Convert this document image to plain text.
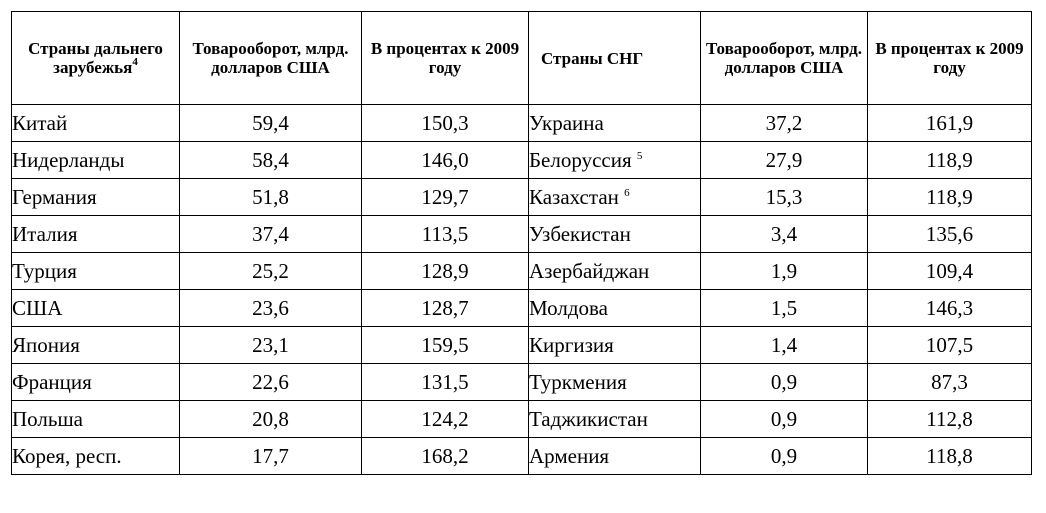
Страны дальнего зарубежья$^4$	Товарооборот, млрд. долларов США	В процентах к 2009 году	Страны СНГ	Товарооборот, млрд. долларов США	В процентах к 2009 году
Китай	59,4	150,3	Украина	37,2	161,9
Нидерланды	58,4	146,0	Белоруссия $^5$	27,9	118,9
Германия	51,8	129,7	Казахстан $^6$	15,3	118,9
Италия	37,4	113,5	Узбекистан	3,4	135,6
Турция	25,2	128,9	Азербайджан	1,9	109,4
США	23,6	128,7	Молдова	1,5	146,3
Япония	23,1	159,5	Киргизия	1,4	107,5
Франция	22,6	131,5	Туркмения	0,9	87,3
Польша	20,8	124,2	Таджикистан	0,9	112,8
Корея, респ.	17,7	168,2	Армения	0,9	118,8
